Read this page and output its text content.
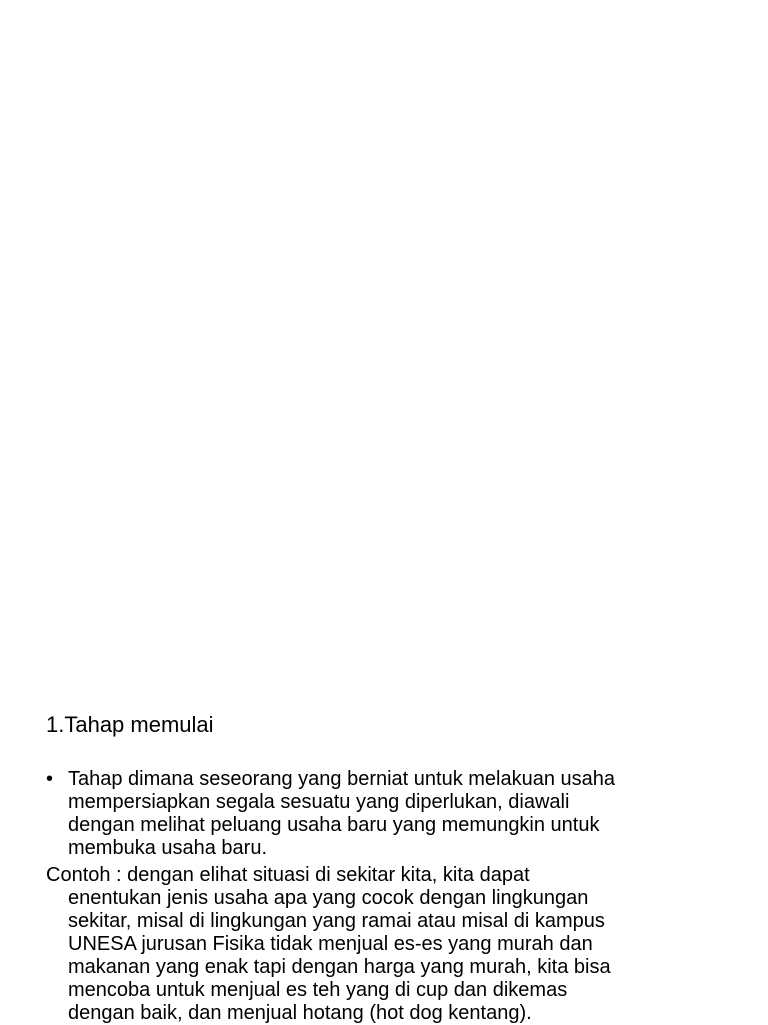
1.Tahap memulai
• Tahap dimana seseorang yang berniat untuk melakuan usaha
mempersiapkan segala sesuatu yang diperlukan, diawali
dengan melihat peluang usaha baru yang memungkin untuk
membuka usaha baru.
Contoh : dengan elihat situasi di sekitar kita, kita dapat
enentukan jenis usaha apa yang cocok dengan lingkungan
sekitar, misal di lingkungan yang ramai atau misal di kampus
UNESA jurusan Fisika tidak menjual es-es yang murah dan
makanan yang enak tapi dengan harga yang murah, kita bisa
mencoba untuk menjual es teh yang di cup dan dikemas
dengan baik, dan menjual hotang (hot dog kentang).
